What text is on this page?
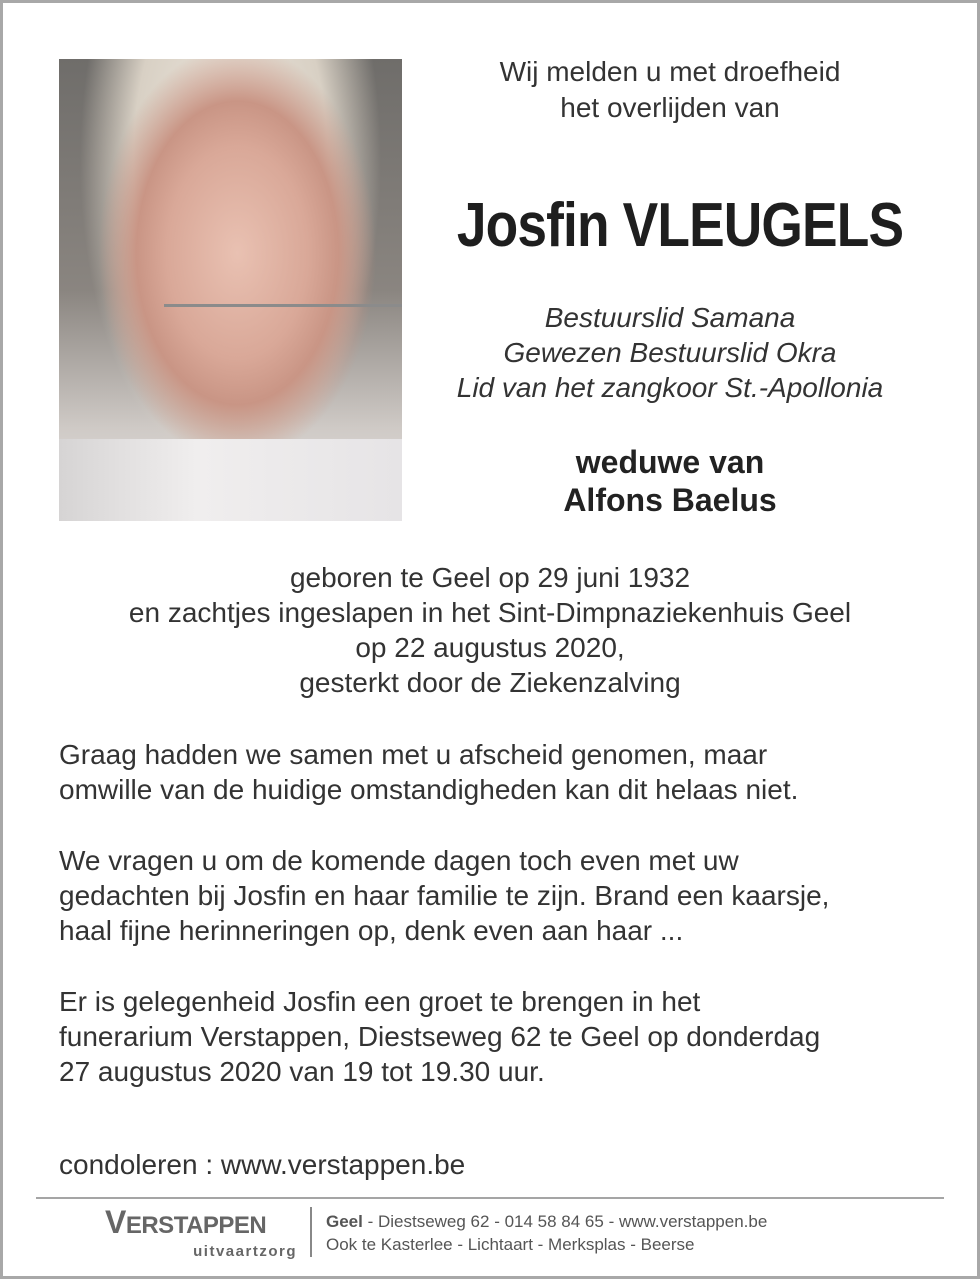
Wij melden u met droefheid
het overlijden van
Josfin VLEUGELS
Bestuurslid Samana
Gewezen Bestuurslid Okra
Lid van het zangkoor St.-Apollonia
weduwe van
Alfons Baelus
geboren te Geel op 29 juni 1932
en zachtjes ingeslapen in het Sint-Dimpnaziekenhuis Geel
op 22 augustus 2020,
gesterkt door de Ziekenzalving
Graag hadden we samen met u afscheid genomen, maar
omwille van de huidige omstandigheden kan dit helaas niet.
We vragen u om de komende dagen toch even met uw
gedachten bij Josfin en haar familie te zijn. Brand een kaarsje,
haal fijne herinneringen op, denk even aan haar ...
Er is gelegenheid Josfin een groet te brengen in het
funerarium Verstappen, Diestseweg 62 te Geel op donderdag
27 augustus 2020 van 19 tot 19.30 uur.
condoleren : www.verstappen.be
VERSTAPPEN
uitvaartzorg
Geel - Diestseweg 62 - 014 58 84 65 - www.verstappen.be
Ook te Kasterlee - Lichtaart - Merksplas - Beerse
